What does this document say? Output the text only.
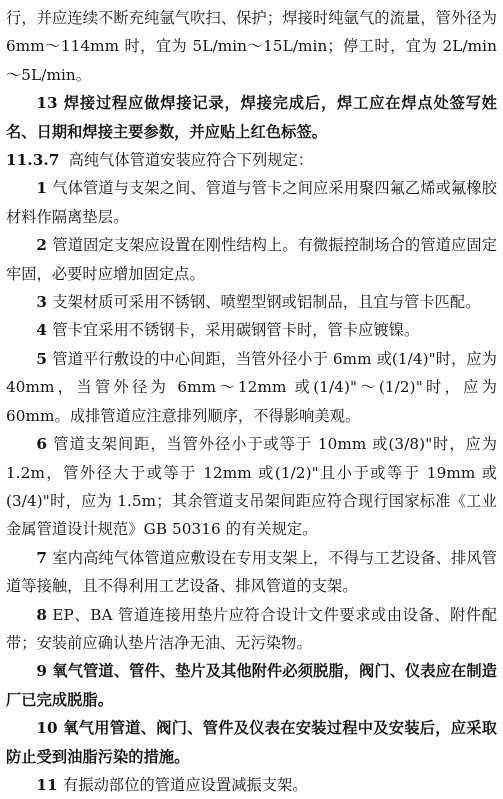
行，并应连续不断充纯氩气吹扫、保护；焊接时纯氩气的流量，管外径为 6mm～114mm 时，宜为 5L/min～15L/min；停工时，宜为 2L/min～5L/min。

13 焊接过程应做焊接记录，焊接完成后，焊工应在焊点处签写姓名、日期和焊接主要参数，并应贴上红色标签。

11.3.7 高纯气体管道安装应符合下列规定：

1 气体管道与支架之间、管道与管卡之间应采用聚四氟乙烯或氟橡胶材料作隔离垫层。

2 管道固定支架应设置在刚性结构上。有微振控制场合的管道应固定牢固，必要时应增加固定点。

3 支架材质可采用不锈钢、喷塑型钢或铝制品，且宜与管卡匹配。

4 管卡宜采用不锈钢卡，采用碳钢管卡时，管卡应镀镍。

5 管道平行敷设的中心间距，当管外径小于 6mm 或(1/4)"时，应为 40mm，当管外径为 6mm～12mm 或(1/4)"～(1/2)"时，应为 60mm。成排管道应注意排列顺序，不得影响美观。

6 管道支架间距，当管外径小于或等于 10mm 或(3/8)"时，应为 1.2m，管外径大于或等于 12mm 或(1/2)"且小于或等于 19mm 或(3/4)"时，应为 1.5m；其余管道支吊架间距应符合现行国家标准《工业金属管道设计规范》GB 50316 的有关规定。

7 室内高纯气体管道应敷设在专用支架上，不得与工艺设备、排风管道等接触，且不得利用工艺设备、排风管道的支架。

8 EP、BA 管道连接用垫片应符合设计文件要求或由设备、附件配带；安装前应确认垫片洁净无油、无污染物。

9 氧气管道、管件、垫片及其他附件必须脱脂，阀门、仪表应在制造厂已完成脱脂。

10 氧气用管道、阀门、管件及仪表在安装过程中及安装后，应采取防止受到油脂污染的措施。

11 有振动部位的管道应设置减振支架。
